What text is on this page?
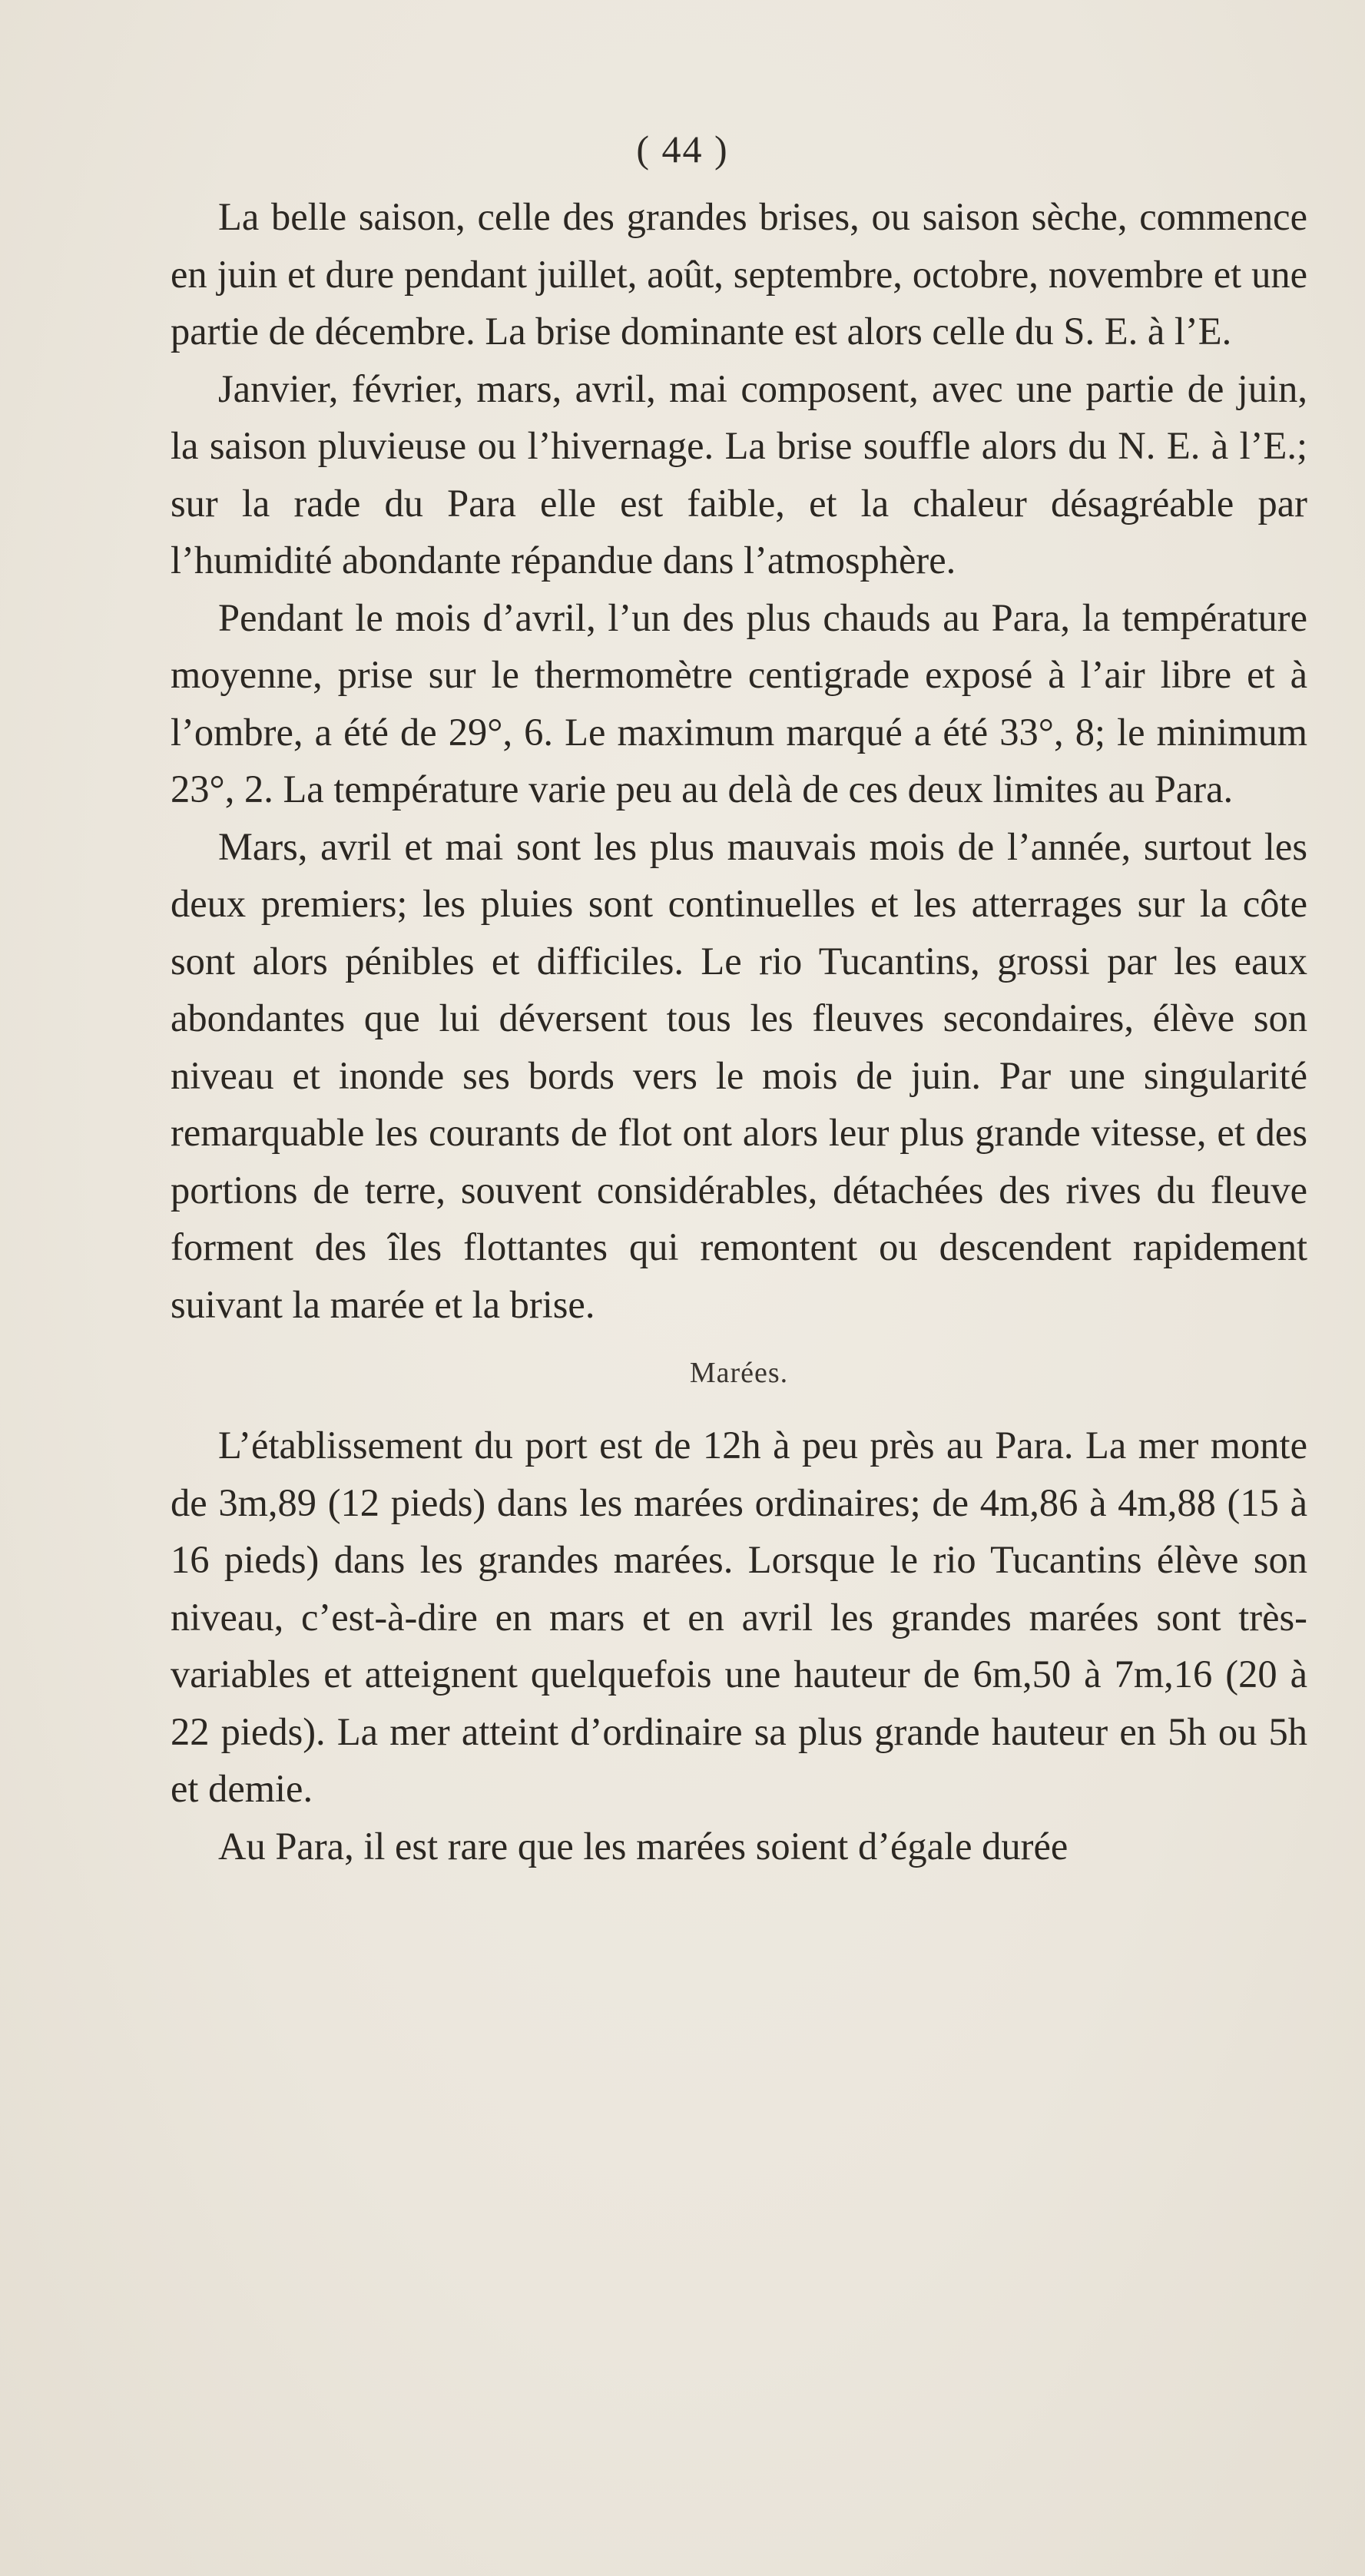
( 44 )

La belle saison, celle des grandes brises, ou saison sèche, commence en juin et dure pendant juillet, août, septembre, octobre, novembre et une partie de décembre. La brise dominante est alors celle du S. E. à l’E.

Janvier, février, mars, avril, mai composent, avec une partie de juin, la saison pluvieuse ou l’hivernage. La brise souffle alors du N. E. à l’E.; sur la rade du Para elle est faible, et la chaleur désagréable par l’humidité abondante répandue dans l’atmosphère.

Pendant le mois d’avril, l’un des plus chauds au Para, la température moyenne, prise sur le thermomètre centigrade exposé à l’air libre et à l’ombre, a été de 29°, 6. Le maximum marqué a été 33°, 8; le minimum 23°, 2. La température varie peu au delà de ces deux limites au Para.

Mars, avril et mai sont les plus mauvais mois de l’année, surtout les deux premiers; les pluies sont continuelles et les atterrages sur la côte sont alors pénibles et difficiles. Le rio Tucantins, grossi par les eaux abondantes que lui déversent tous les fleuves secondaires, élève son niveau et inonde ses bords vers le mois de juin. Par une singularité remarquable les courants de flot ont alors leur plus grande vitesse, et des portions de terre, souvent considérables, détachées des rives du fleuve forment des îles flottantes qui remontent ou descendent rapidement suivant la marée et la brise.

Marées.

L’établissement du port est de 12h à peu près au Para. La mer monte de 3m,89 (12 pieds) dans les marées ordinaires; de 4m,86 à 4m,88 (15 à 16 pieds) dans les grandes marées. Lorsque le rio Tucantins élève son niveau, c’est-à-dire en mars et en avril les grandes marées sont très-variables et atteignent quelquefois une hauteur de 6m,50 à 7m,16 (20 à 22 pieds). La mer atteint d’ordinaire sa plus grande hauteur en 5h ou 5h et demie.

Au Para, il est rare que les marées soient d’égale durée
